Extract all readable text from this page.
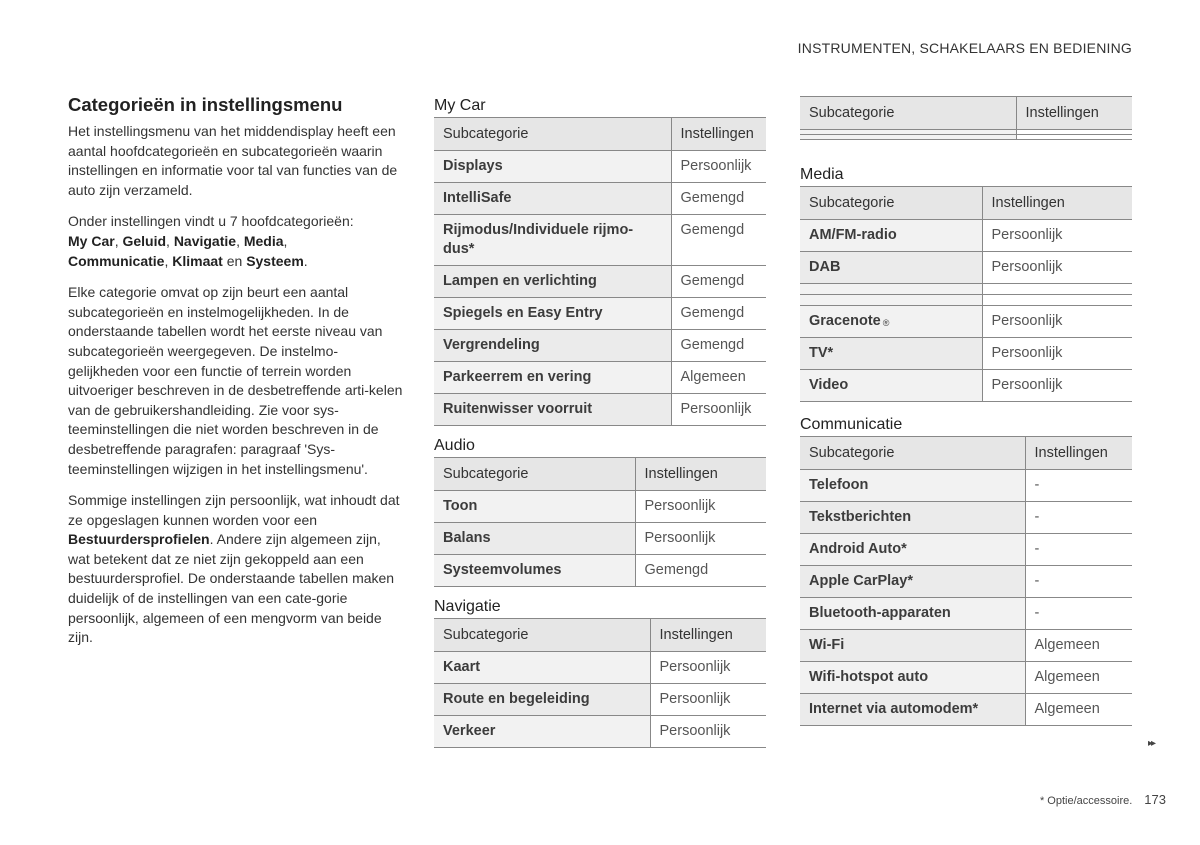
INSTRUMENTEN, SCHAKELAARS EN BEDIENING
Categorieën in instellingsmenu

Het instellingsmenu van het middendisplay heeft een aantal hoofdcategorieën en subcategorieën waarin instellingen en informatie voor tal van functies van de auto zijn verzameld.

Onder instellingen vindt u 7 hoofdcategorieën:
My Car, Geluid, Navigatie, Media,
Communicatie, Klimaat en Systeem.

Elke categorie omvat op zijn beurt een aantal subcategorieën en instelmogelijkheden. In de onderstaande tabellen wordt het eerste niveau van subcategorieën weergegeven. De instelmo-gelijkheden voor een functie of terrein worden uitvoeriger beschreven in de desbetreffende arti-kelen van de gebruikershandleiding. Zie voor sys-teeminstellingen die niet worden beschreven in de desbetreffende paragrafen: paragraaf 'Sys-teeminstellingen wijzigen in het instellingsmenu'.

Sommige instellingen zijn persoonlijk, wat inhoudt dat ze opgeslagen kunnen worden voor een Bestuurdersprofielen. Andere zijn algemeen zijn, wat betekent dat ze niet zijn gekoppeld aan een bestuurdersprofiel. De onderstaande tabellen maken duidelijk of de instellingen van een cate-gorie persoonlijk, algemeen of een mengvorm van beide zijn.

My Car
Subcategorie	Instellingen
Displays	Persoonlijk
IntelliSafe	Gemengd
Rijmodus/Individuele rijmo-dus*	Gemengd
Lampen en verlichting	Gemengd
Spiegels en Easy Entry	Gemengd
Vergrendeling	Gemengd
Parkeerrem en vering	Algemeen
Ruitenwisser voorruit	Persoonlijk
Audio
Subcategorie	Instellingen
Toon	Persoonlijk
Balans	Persoonlijk
Systeemvolumes	Gemengd
Navigatie
Subcategorie	Instellingen
Kaart	Persoonlijk
Route en begeleiding	Persoonlijk
Verkeer	Persoonlijk
Subcategorie	Instellingen

Media
Subcategorie	Instellingen
AM/FM-radio	Persoonlijk
DAB	Persoonlijk

Gracenote ®	Persoonlijk
TV*	Persoonlijk
Video	Persoonlijk
Communicatie
Subcategorie	Instellingen
Telefoon	-
Tekstberichten	-
Android Auto*	-
Apple CarPlay*	-
Bluetooth-apparaten	-
Wi-Fi	Algemeen
Wifi-hotspot auto	Algemeen
Internet via automodem*	Algemeen
▸▸
* Optie/accessoire. 173
